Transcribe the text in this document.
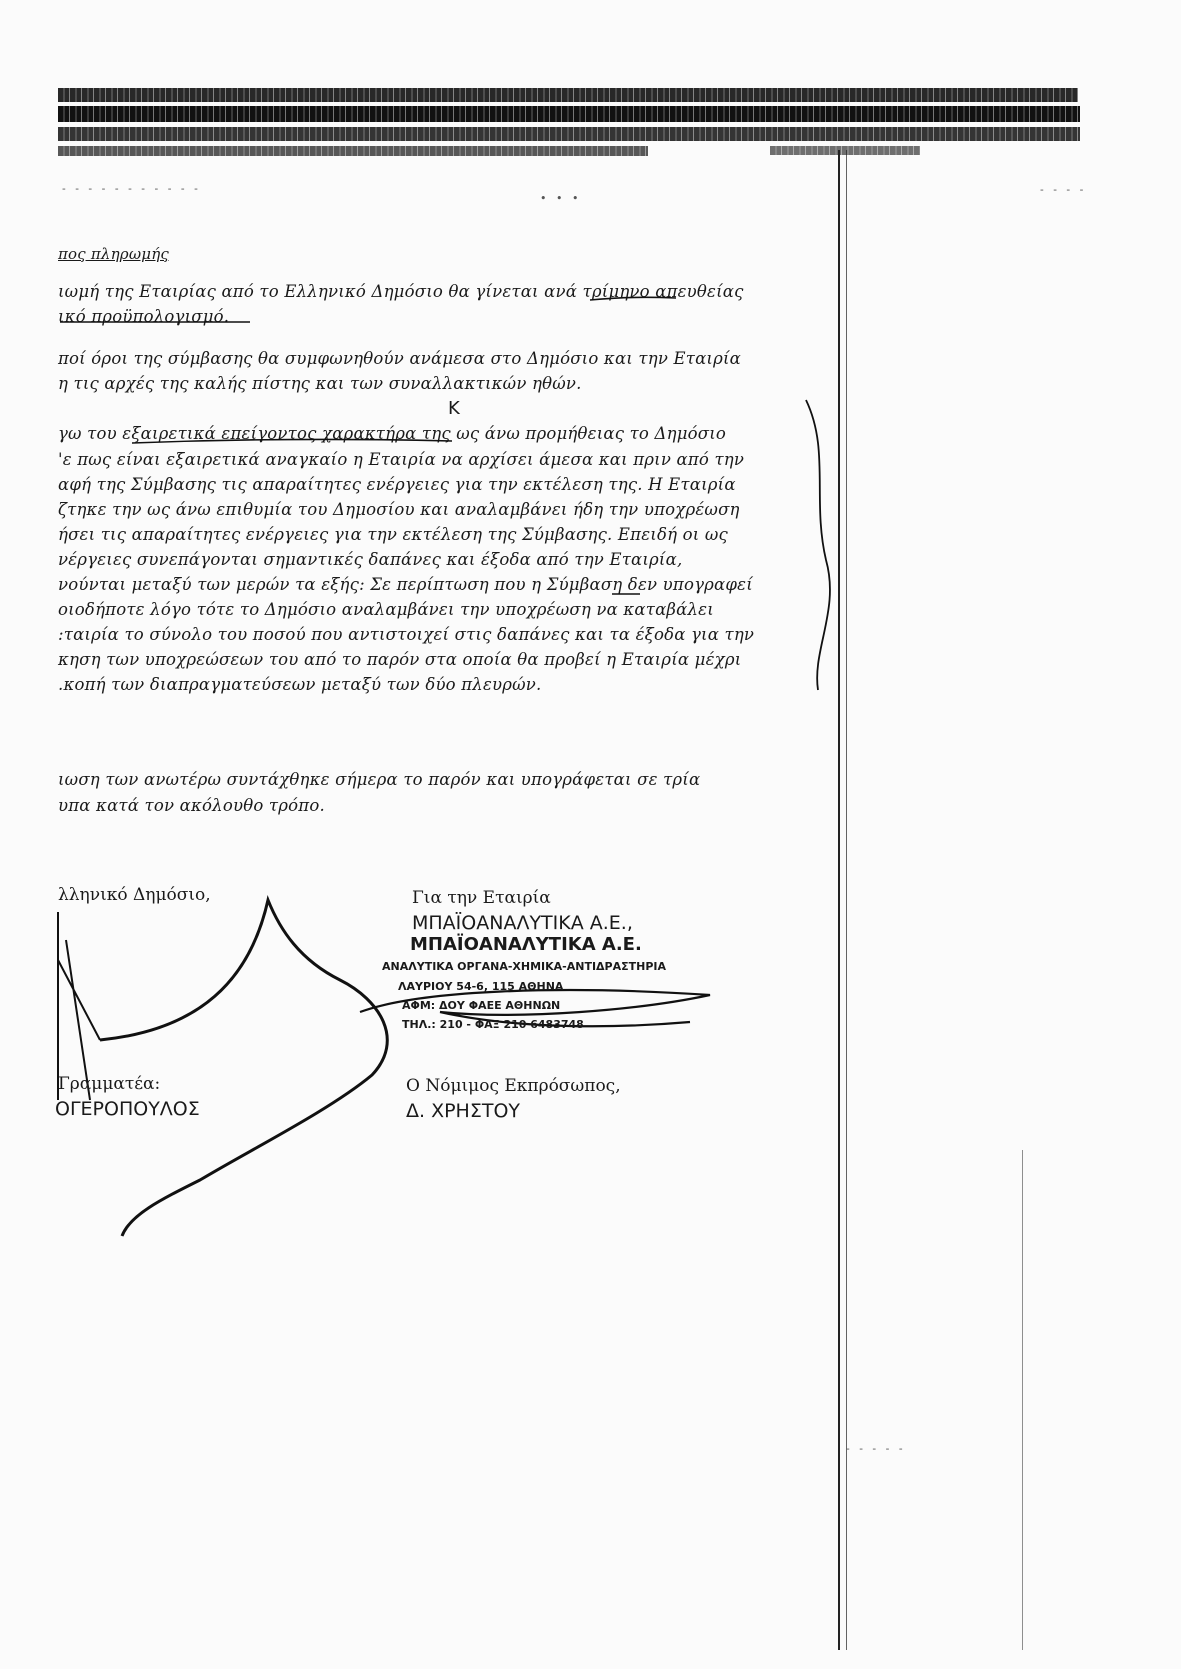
- - - - - - - - - - -
• • •
- - - -
πος πληρωμής
ιωμή της Εταιρίας από το Ελληνικό Δημόσιο θα γίνεται ανά τρίμηνο απευθείας
ικό προϋπολογισμό.
ποί όροι της σύμβασης θα συμφωνηθούν ανάμεσα στο Δημόσιο και την Εταιρία
η τις αρχές της καλής πίστης και των συναλλακτικών ηθών.
γω του εξαιρετικά επείγοντος χαρακτήρα της ως άνω προμήθειας το Δημόσιο
'ε πως είναι εξαιρετικά αναγκαίο η Εταιρία να αρχίσει άμεσα και πριν από την
αφή της Σύμβασης τις απαραίτητες ενέργειες για την εκτέλεση της. Η Εταιρία
ζτηκε την ως άνω επιθυμία του Δημοσίου και αναλαμβάνει ήδη την υποχρέωση
ήσει τις απαραίτητες ενέργειες για την εκτέλεση της Σύμβασης. Επειδή οι ως
νέργειες συνεπάγονται σημαντικές δαπάνες και έξοδα από την Εταιρία,
νούνται μεταξύ των μερών τα εξής: Σε περίπτωση που η Σύμβαση δεν υπογραφεί
οιοδήποτε λόγο τότε το Δημόσιο αναλαμβάνει την υποχρέωση να καταβάλει
:ταιρία το σύνολο του ποσού που αντιστοιχεί στις δαπάνες και τα έξοδα για την
κηση των υποχρεώσεων του από το παρόν στα οποία θα προβεί η Εταιρία μέχρι
.κοπή των διαπραγματεύσεων μεταξύ των δύο πλευρών.
ιωση των ανωτέρω συντάχθηκε σήμερα το παρόν και υπογράφεται σε τρία
υπα κατά τον ακόλουθο τρόπο.
K
λληνικό Δημόσιο,
Γραμματέα:
ΟΓΕΡΟΠΟΥΛΟΣ
Για την Εταιρία
ΜΠΑΪΟΑΝΑΛΥΤΙΚΑ Α.Ε.,
ΜΠΑΪΟΑΝΑΛΥΤΙΚΑ Α.Ε.
ΑΝΑΛΥΤΙΚΑ ΟΡΓΑΝΑ-ΧΗΜΙΚΑ-ΑΝΤΙΔΡΑΣΤΗΡΙΑ
ΛΑΥΡΙΟΥ 54-6, 115 ΑΘΗΝΑ
ΑΦΜ: ΔΟΥ ΦΑΕΕ ΑΘΗΝΩΝ
ΤΗΛ.: 210 - ΦΑΞ 210 6483748
Ο Νόμιμος Εκπρόσωπος,
Δ. ΧΡΗΣΤΟΥ
- - - - -
